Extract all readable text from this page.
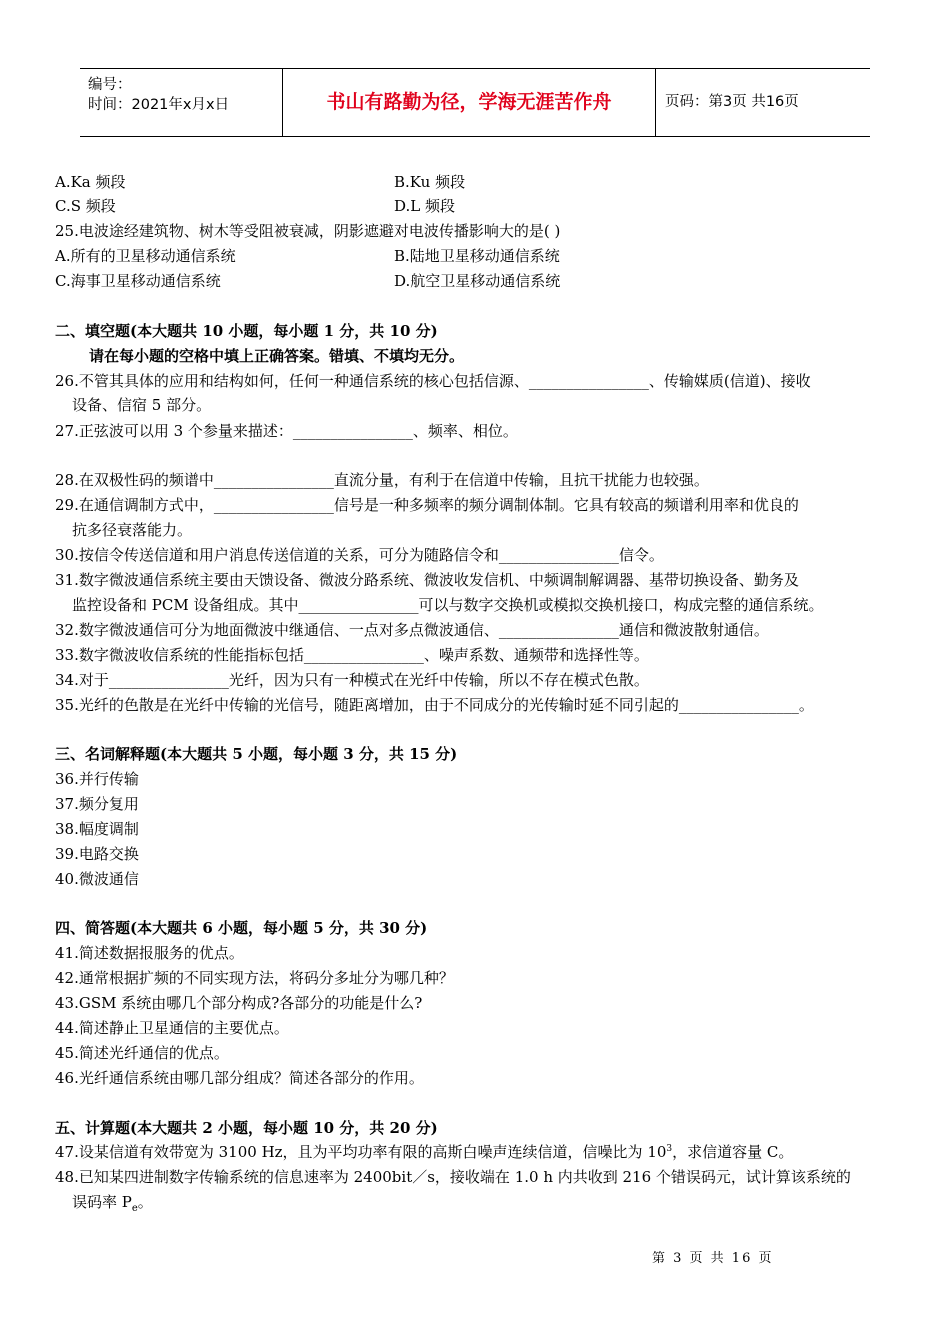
编号：
时间：2021年x月x日	书山有路勤为径，学海无涯苦作舟	页码：第3页 共16页
A.Ka 频段	B.Ku 频段
C.S 频段	D.L 频段
25.电波途经建筑物、树木等受阻被衰减，阴影遮避对电波传播影响大的是( )
A.所有的卫星移动通信系统	B.陆地卫星移动通信系统
C.海事卫星移动通信系统	D.航空卫星移动通信系统
二、填空题(本大题共 10 小题，每小题 1 分，共 10 分)
请在每小题的空格中填上正确答案。错填、不填均无分。
26.不管其具体的应用和结构如何，任何一种通信系统的核心包括信源、________________、传输媒质(信道)、接收
设备、信宿 5 部分。
27.正弦波可以用 3 个参量来描述：________________、频率、相位。
28.在双极性码的频谱中________________直流分量，有利于在信道中传输，且抗干扰能力也较强。
29.在通信调制方式中，________________信号是一种多频率的频分调制体制。它具有较高的频谱利用率和优良的
抗多径衰落能力。
30.按信令传送信道和用户消息传送信道的关系，可分为随路信令和________________信令。
31.数字微波通信系统主要由天馈设备、微波分路系统、微波收发信机、中频调制解调器、基带切换设备、勤务及
监控设备和 PCM 设备组成。其中________________可以与数字交换机或模拟交换机接口，构成完整的通信系统。
32.数字微波通信可分为地面微波中继通信、一点对多点微波通信、________________通信和微波散射通信。
33.数字微波收信系统的性能指标包括________________、噪声系数、通频带和选择性等。
34.对于________________光纤，因为只有一种模式在光纤中传输，所以不存在模式色散。
35.光纤的色散是在光纤中传输的光信号，随距离增加，由于不同成分的光传输时延不同引起的________________。
三、名词解释题(本大题共 5 小题，每小题 3 分，共 15 分)
36.并行传输
37.频分复用
38.幅度调制
39.电路交换
40.微波通信
四、简答题(本大题共 6 小题，每小题 5 分，共 30 分)
41.简述数据报服务的优点。
42.通常根据扩频的不同实现方法，将码分多址分为哪几种？
43.GSM 系统由哪几个部分构成?各部分的功能是什么?
44.简述静止卫星通信的主要优点。
45.简述光纤通信的优点。
46.光纤通信系统由哪几部分组成？简述各部分的作用。
五、计算题(本大题共 2 小题，每小题 10 分，共 20 分)
47.设某信道有效带宽为 3100 Hz，且为平均功率有限的高斯白噪声连续信道，信噪比为 $10^3$，求信道容量 C。
48.已知某四进制数字传输系统的信息速率为 2400bit／s，接收端在 1.0 h 内共收到 216 个错误码元，试计算该系统的
误码率 $P_e$。
第 3 页 共 16 页
